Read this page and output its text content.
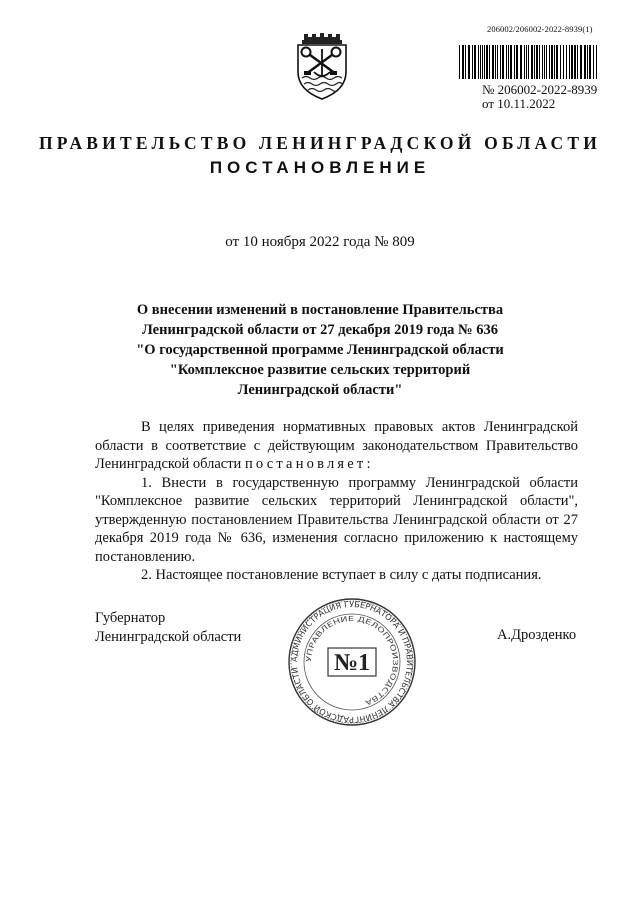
206002/206002-2022-8939(1)
№ 206002-2022-8939
от 10.11.2022
ПРАВИТЕЛЬСТВО ЛЕНИНГРАДСКОЙ ОБЛАСТИ
ПОСТАНОВЛЕНИЕ
от 10 ноября 2022 года № 809
О внесении изменений в постановление Правительства
Ленинградской области от 27 декабря 2019 года № 636
"О государственной программе Ленинградской области
"Комплексное развитие сельских территорий
Ленинградской области"

В целях приведения нормативных правовых актов Ленинградской области в соответствие с действующим законодательством Правительство Ленинградской области постановляет:

1. Внести в государственную программу Ленинградской области "Комплексное развитие сельских территорий Ленинградской области", утвержденную постановлением Правительства Ленинградской области от 27 декабря 2019 года № 636, изменения согласно приложению к настоящему постановлению.

2. Настоящее постановление вступает в силу с даты подписания.

Губернатор
Ленинградской области	А.Дрозденко
АДМИНИСТРАЦИЯ ГУБЕРНАТОРА И ПРАВИТЕЛЬСТВА ЛЕНИНГРАДСКОЙ ОБЛАСТИ
УПРАВЛЕНИЕ ДЕЛОПРОИЗВОДСТВА
№1
